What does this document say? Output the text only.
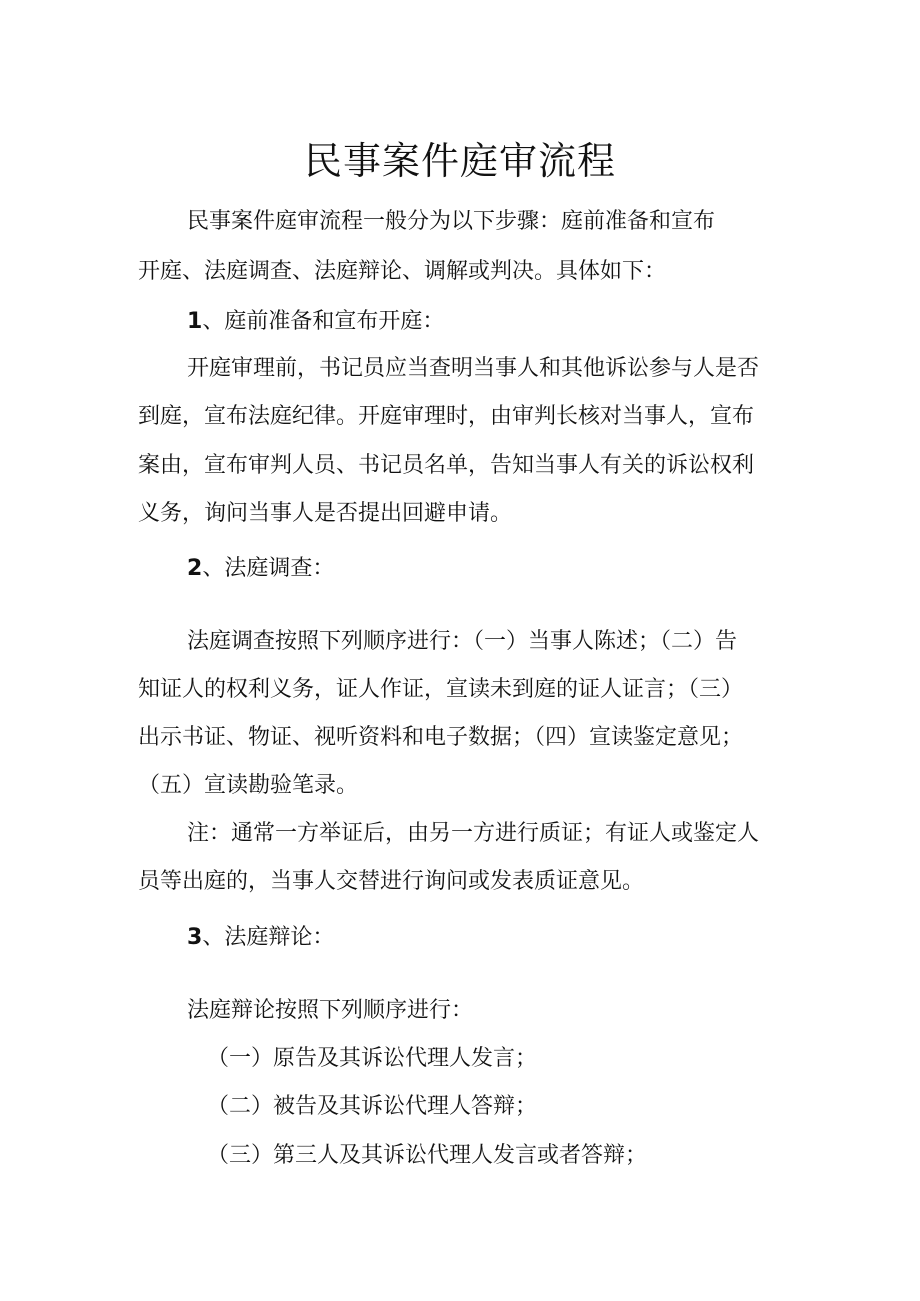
民事案件庭审流程

民事案件庭审流程一般分为以下步骤：庭前准备和宣布

开庭、法庭调查、法庭辩论、调解或判决。具体如下：

1、庭前准备和宣布开庭：

开庭审理前，书记员应当查明当事人和其他诉讼参与人是否

到庭，宣布法庭纪律。开庭审理时，由审判长核对当事人，宣布

案由，宣布审判人员、书记员名单，告知当事人有关的诉讼权利

义务，询问当事人是否提出回避申请。

2、法庭调查：

法庭调查按照下列顺序进行：（一）当事人陈述；（二）告

知证人的权利义务，证人作证，宣读未到庭的证人证言；（三）

出示书证、物证、视听资料和电子数据；（四）宣读鉴定意见；

（五）宣读勘验笔录。

注：通常一方举证后，由另一方进行质证；有证人或鉴定人

员等出庭的，当事人交替进行询问或发表质证意见。

3、法庭辩论：

法庭辩论按照下列顺序进行：

（一）原告及其诉讼代理人发言；

（二）被告及其诉讼代理人答辩；

（三）第三人及其诉讼代理人发言或者答辩；
